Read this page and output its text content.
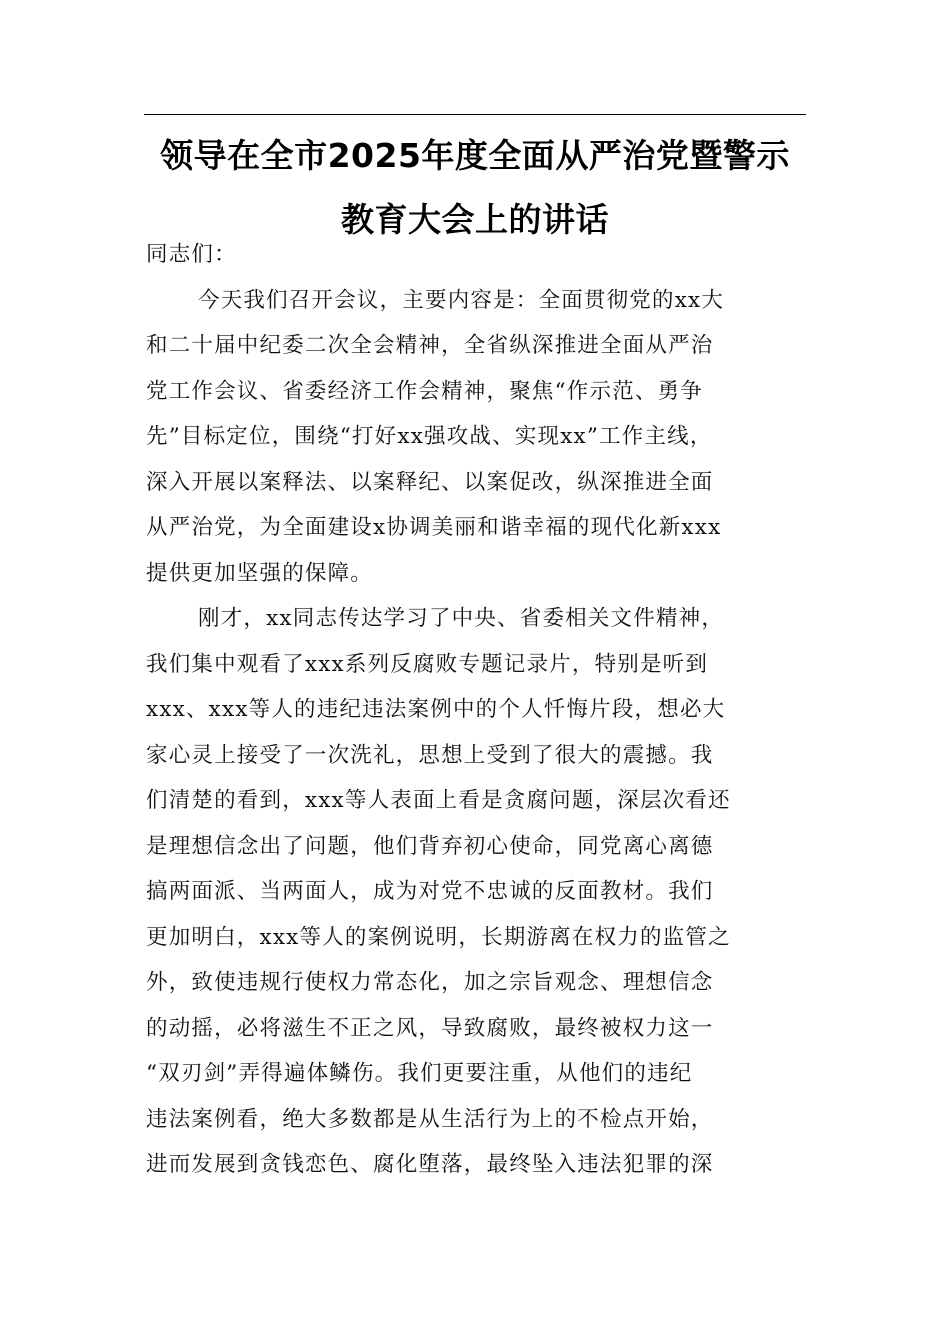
领导在全市2025年度全面从严治党暨警示
教育大会上的讲话
同志们：
今天我们召开会议，主要内容是：全面贯彻党的xx大
和二十届中纪委二次全会精神，全省纵深推进全面从严治
党工作会议、省委经济工作会精神，聚焦“作示范、勇争
先”目标定位，围绕“打好xx强攻战、实现xx”工作主线，
深入开展以案释法、以案释纪、以案促改，纵深推进全面
从严治党，为全面建设x协调美丽和谐幸福的现代化新xxx
提供更加坚强的保障。
刚才，xx同志传达学习了中央、省委相关文件精神，
我们集中观看了xxx系列反腐败专题记录片，特别是听到
xxx、xxx等人的违纪违法案例中的个人忏悔片段，想必大
家心灵上接受了一次洗礼，思想上受到了很大的震撼。我
们清楚的看到，xxx等人表面上看是贪腐问题，深层次看还
是理想信念出了问题，他们背弃初心使命，同党离心离德
搞两面派、当两面人，成为对党不忠诚的反面教材。我们
更加明白，xxx等人的案例说明，长期游离在权力的监管之
外，致使违规行使权力常态化，加之宗旨观念、理想信念
的动摇，必将滋生不正之风，导致腐败，最终被权力这一
“双刃剑”弄得遍体鳞伤。我们更要注重，从他们的违纪
违法案例看，绝大多数都是从生活行为上的不检点开始，
进而发展到贪钱恋色、腐化堕落，最终坠入违法犯罪的深
